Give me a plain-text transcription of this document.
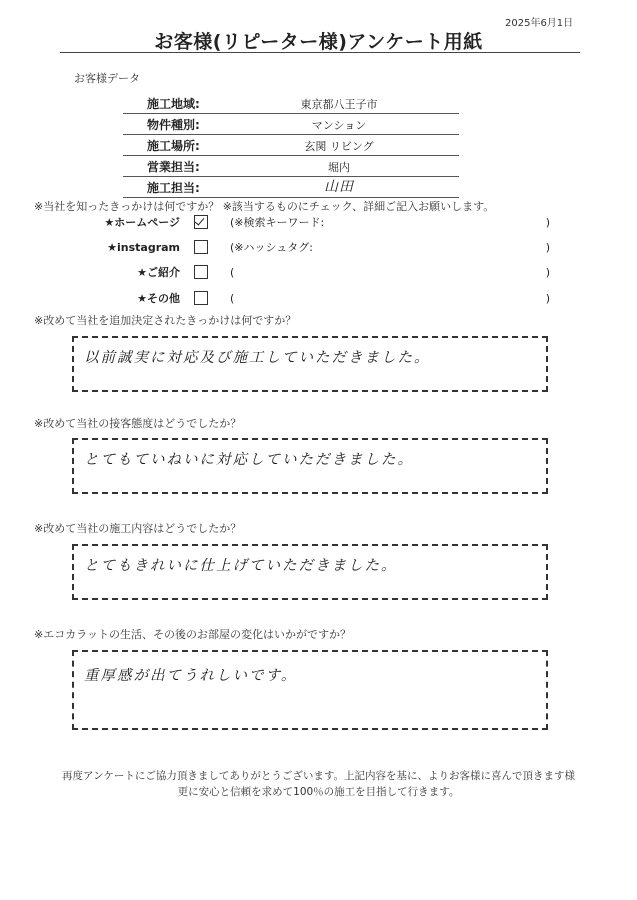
2025年6月1日
お客様(リピーター様)アンケート用紙
お客様データ
施工地域:	東京都八王子市
物件種別:	マンション
施工場所:	玄関 リビング
営業担当:	堀内
施工担当:	山田
※当社を知ったきっかけは何ですか？ ※該当するものにチェック、詳細ご記入お願いします。
★ホームページ	(※検索キーワード:	)
★instagram	(※ハッシュタグ:	)
★ご紹介	(	)
★その他	(	)
※改めて当社を追加決定されたきっかけは何ですか？
以前誠実に対応及び施工していただきました。
※改めて当社の接客態度はどうでしたか？
とてもていねいに対応していただきました。
※改めて当社の施工内容はどうでしたか？
とてもきれいに仕上げていただきました。
※エコカラットの生活、その後のお部屋の変化はいかがですか？
重厚感が出てうれしいです。
再度アンケートにご協力頂きましてありがとうございます。上記内容を基に、よりお客様に喜んで頂きます様
更に安心と信頼を求めて100％の施工を目指して行きます。
